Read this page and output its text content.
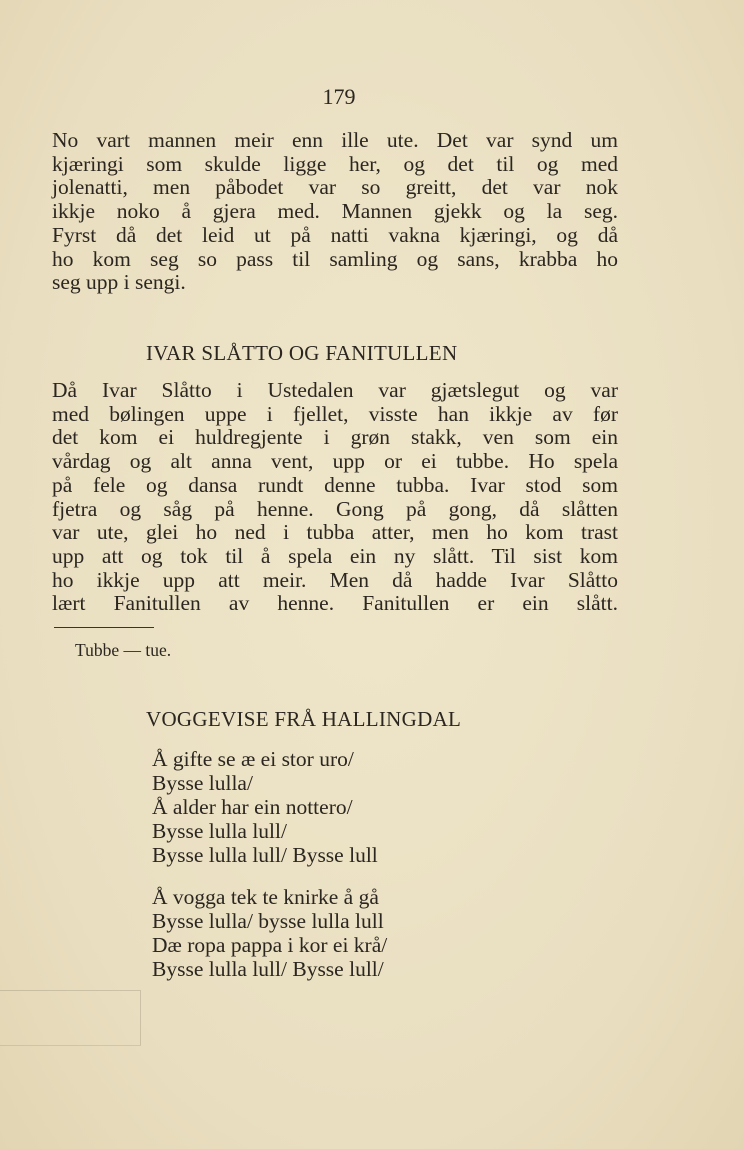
179
No vart mannen meir enn ille ute. Det var synd um
kjæringi som skulde ligge her, og det til og med
jolenatti, men påbodet var so greitt, det var nok
ikkje noko å gjera med. Mannen gjekk og la seg.
Fyrst då det leid ut på natti vakna kjæringi, og då
ho kom seg so pass til samling og sans, krabba ho
seg upp i sengi.
IVAR SLÅTTO OG FANITULLEN
Då Ivar Slåtto i Ustedalen var gjætslegut og var
med bølingen uppe i fjellet, visste han ikkje av før
det kom ei huldregjente i grøn stakk, ven som ein
vårdag og alt anna vent, upp or ei tubbe. Ho spela
på fele og dansa rundt denne tubba. Ivar stod som
fjetra og såg på henne. Gong på gong, då slåtten
var ute, glei ho ned i tubba atter, men ho kom trast
upp att og tok til å spela ein ny slått. Til sist kom
ho ikkje upp att meir. Men då hadde Ivar Slåtto
lært Fanitullen av henne. Fanitullen er ein slått.
Tubbe — tue.
VOGGEVISE FRÅ HALLINGDAL
Å gifte se æ ei stor uro/
Bysse lulla/
Å alder har ein nottero/
Bysse lulla lull/
Bysse lulla lull/ Bysse lull
Å vogga tek te knirke å gå
Bysse lulla/ bysse lulla lull
Dæ ropa pappa i kor ei krå/
Bysse lulla lull/ Bysse lull/
